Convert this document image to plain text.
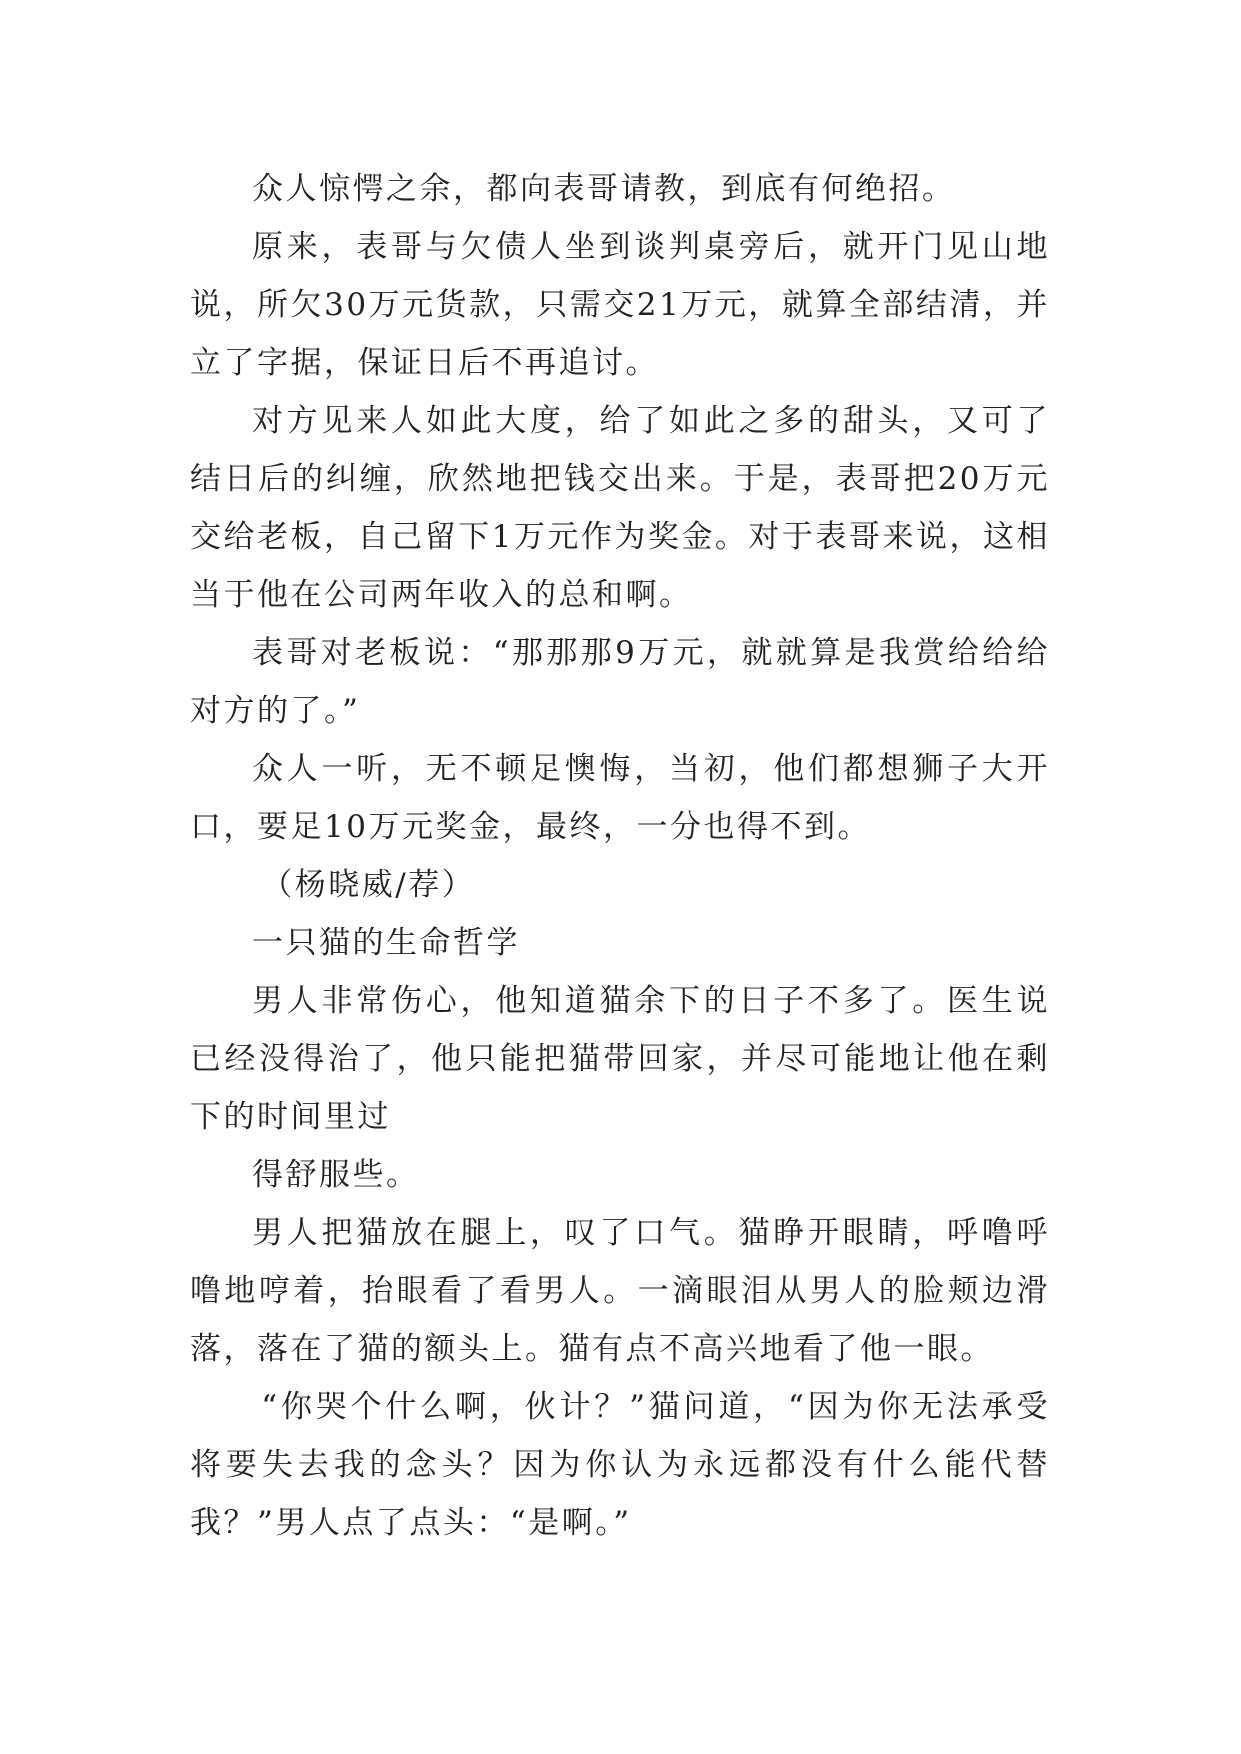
众人惊愕之余，都向表哥请教，到底有何绝招。

原来，表哥与欠债人坐到谈判桌旁后，就开门见山地说，所欠30万元货款，只需交21万元，就算全部结清，并立了字据，保证日后不再追讨。

对方见来人如此大度，给了如此之多的甜头，又可了结日后的纠缠，欣然地把钱交出来。于是，表哥把20万元交给老板，自己留下1万元作为奖金。对于表哥来说，这相当于他在公司两年收入的总和啊。

表哥对老板说：“那那那9万元，就就算是我赏给给给对方的了。”

众人一听，无不顿足懊悔，当初，他们都想狮子大开口，要足10万元奖金，最终，一分也得不到。

（杨晓威/荐）

一只猫的生命哲学

男人非常伤心，他知道猫余下的日子不多了。医生说已经没得治了，他只能把猫带回家，并尽可能地让他在剩下的时间里过

得舒服些。

男人把猫放在腿上，叹了口气。猫睁开眼睛，呼噜呼噜地哼着，抬眼看了看男人。一滴眼泪从男人的脸颊边滑落，落在了猫的额头上。猫有点不高兴地看了他一眼。

“你哭个什么啊，伙计？”猫问道，“因为你无法承受将要失去我的念头？因为你认为永远都没有什么能代替我？”男人点了点头：“是啊。”
